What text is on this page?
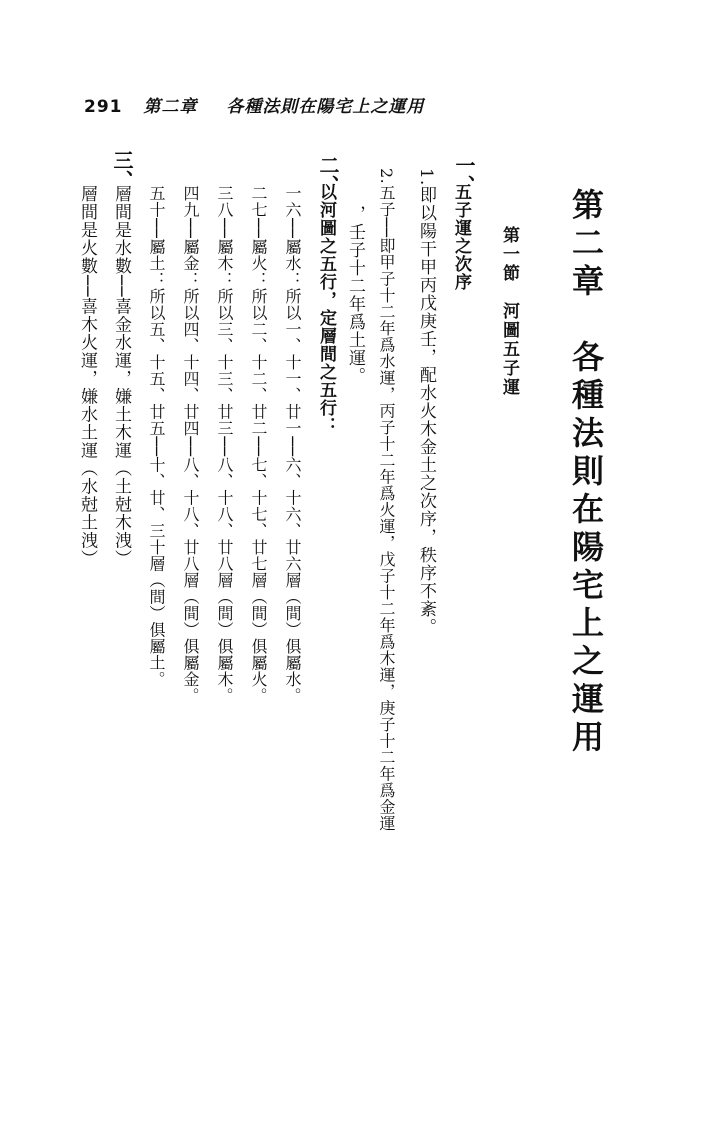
291 第二章 各種法則在陽宅上之運用
第二章　各種法則在陽宅上之運用
第一節　河圖五子運
一、
五子運之次序
1.即以陽干甲丙戊庚壬，配水火木金土之次序，秩序不紊。
2.五子──即甲子十二年爲水運，丙子十二年爲火運，戊子十二年爲木運，庚子十二年爲金運
，壬子十二年爲土運。
二、
以河圖之五行，定層間之五行：
一六──屬水：所以一、十一、廿一──六、十六、廿六層（間）俱屬水。
二七──屬火：所以二、十二、廿二──七、十七、廿七層（間）俱屬火。
三八──屬木：所以三、十三、廿三──八、十八、廿八層（間）俱屬木。
四九──屬金：所以四、十四、廿四──八、十八、廿八層（間）俱屬金。
五十──屬土：所以五、十五、廿五──十、廿、三十層（間）俱屬土。
三、
層間是水數──喜金水運，嫌土木運（土尅木洩）
層間是火數──喜木火運，嫌水土運（水尅土洩）
